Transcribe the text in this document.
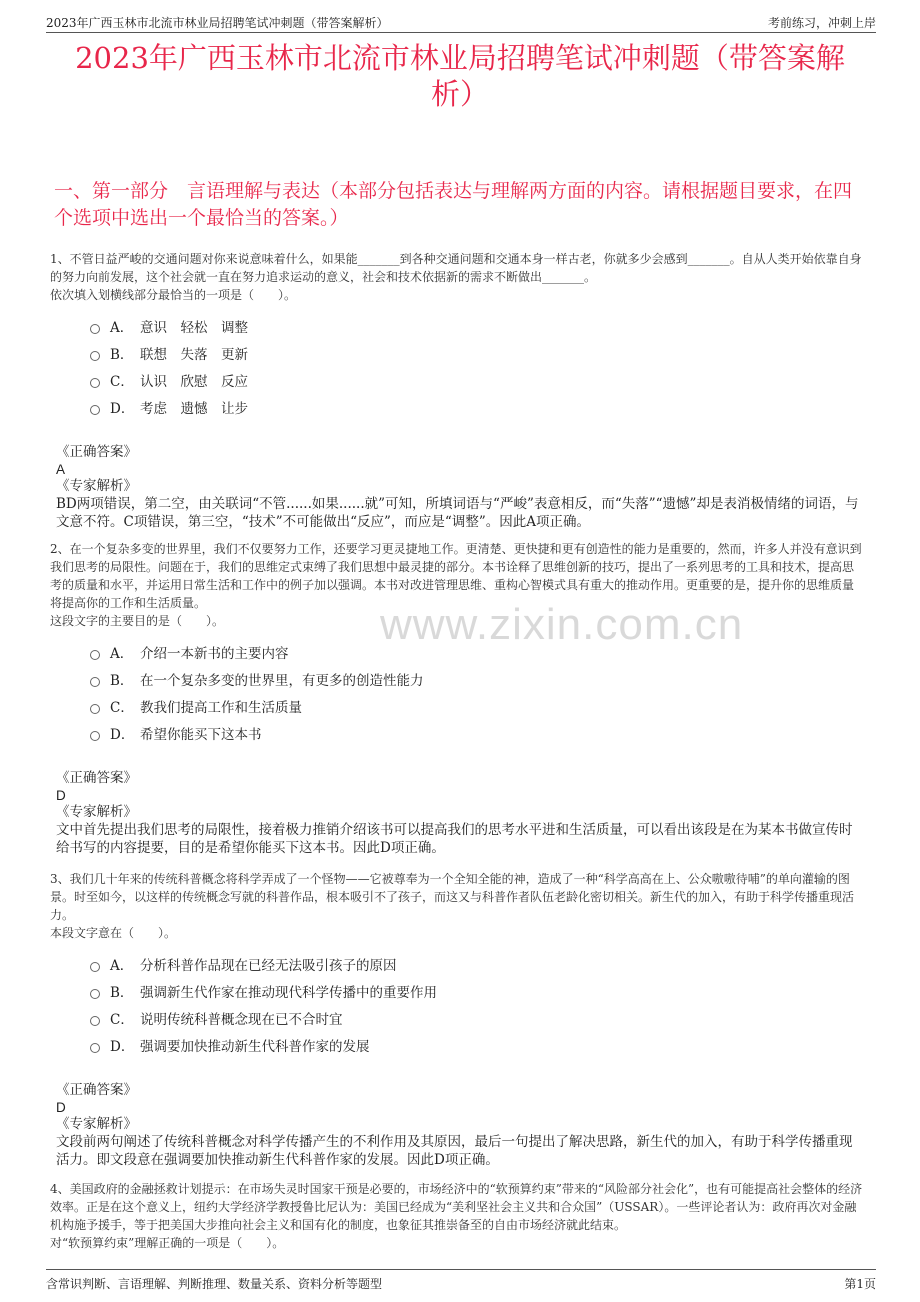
2023年广西玉林市北流市林业局招聘笔试冲刺题（带答案解析）	考前练习，冲刺上岸
2023年广西玉林市北流市林业局招聘笔试冲刺题（带答案解析）
一、第一部分　言语理解与表达（本部分包括表达与理解两方面的内容。请根据题目要求，在四个选项中选出一个最恰当的答案。）

1、不管日益严峻的交通问题对你来说意味着什么，如果能_______到各种交通问题和交通本身一样古老，你就多少会感到_______。自从人类开始依靠自身的努力向前发展，这个社会就一直在努力追求运动的意义，社会和技术依据新的需求不断做出_______。

依次填入划横线部分最恰当的一项是（　　）。

A． 意识　轻松　调整
B． 联想　失落　更新
C． 认识　欣慰　反应
D． 考虑　遗憾　让步

《正确答案》

A

《专家解析》

BD两项错误，第二空，由关联词“不管......如果......就”可知，所填词语与“严峻”表意相反，而“失落”“遗憾”却是表消极情绪的词语，与文意不符。C项错误，第三空，“技术”不可能做出“反应”，而应是“调整”。因此A项正确。

2、在一个复杂多变的世界里，我们不仅要努力工作，还要学习更灵捷地工作。更清楚、更快捷和更有创造性的能力是重要的，然而，许多人并没有意识到我们思考的局限性。问题在于，我们的思维定式束缚了我们思想中最灵捷的部分。本书诠释了思维创新的技巧，提出了一系列思考的工具和技术，提高思考的质量和水平，并运用日常生活和工作中的例子加以强调。本书对改进管理思维、重构心智模式具有重大的推动作用。更重要的是，提升你的思维质量将提高你的工作和生活质量。

这段文字的主要目的是（　　）。

A． 介绍一本新书的主要内容
B． 在一个复杂多变的世界里，有更多的创造性能力
C． 教我们提高工作和生活质量
D． 希望你能买下这本书

《正确答案》

D

《专家解析》

文中首先提出我们思考的局限性，接着极力推销介绍该书可以提高我们的思考水平进和生活质量，可以看出该段是在为某本书做宣传时给书写的内容提要，目的是希望你能买下这本书。因此D项正确。

3、我们几十年来的传统科普概念将科学弄成了一个怪物——它被尊奉为一个全知全能的神，造成了一种“科学高高在上、公众嗷嗷待哺”的单向灌输的图景。时至如今，以这样的传统概念写就的科普作品，根本吸引不了孩子，而这又与科普作者队伍老龄化密切相关。新生代的加入，有助于科学传播重现活力。

本段文字意在（　　）。

A． 分析科普作品现在已经无法吸引孩子的原因
B． 强调新生代作家在推动现代科学传播中的重要作用
C． 说明传统科普概念现在已不合时宜
D． 强调要加快推动新生代科普作家的发展

《正确答案》

D

《专家解析》

文段前两句阐述了传统科普概念对科学传播产生的不利作用及其原因，最后一句提出了解决思路，新生代的加入，有助于科学传播重现活力。即文段意在强调要加快推动新生代科普作家的发展。因此D项正确。

4、美国政府的金融拯救计划提示：在市场失灵时国家干预是必要的，市场经济中的“软预算约束”带来的“风险部分社会化”，也有可能提高社会整体的经济效率。正是在这个意义上，纽约大学经济学教授鲁比尼认为：美国已经成为“美利坚社会主义共和合众国”（USSAR）。一些评论者认为：政府再次对金融机构施予援手，等于把美国大步推向社会主义和国有化的制度，也象征其推崇备至的自由市场经济就此结束。

对“软预算约束”理解正确的一项是（　　）。

www.zixin.com.cn
含常识判断、言语理解、判断推理、数量关系、资料分析等题型	第1页
